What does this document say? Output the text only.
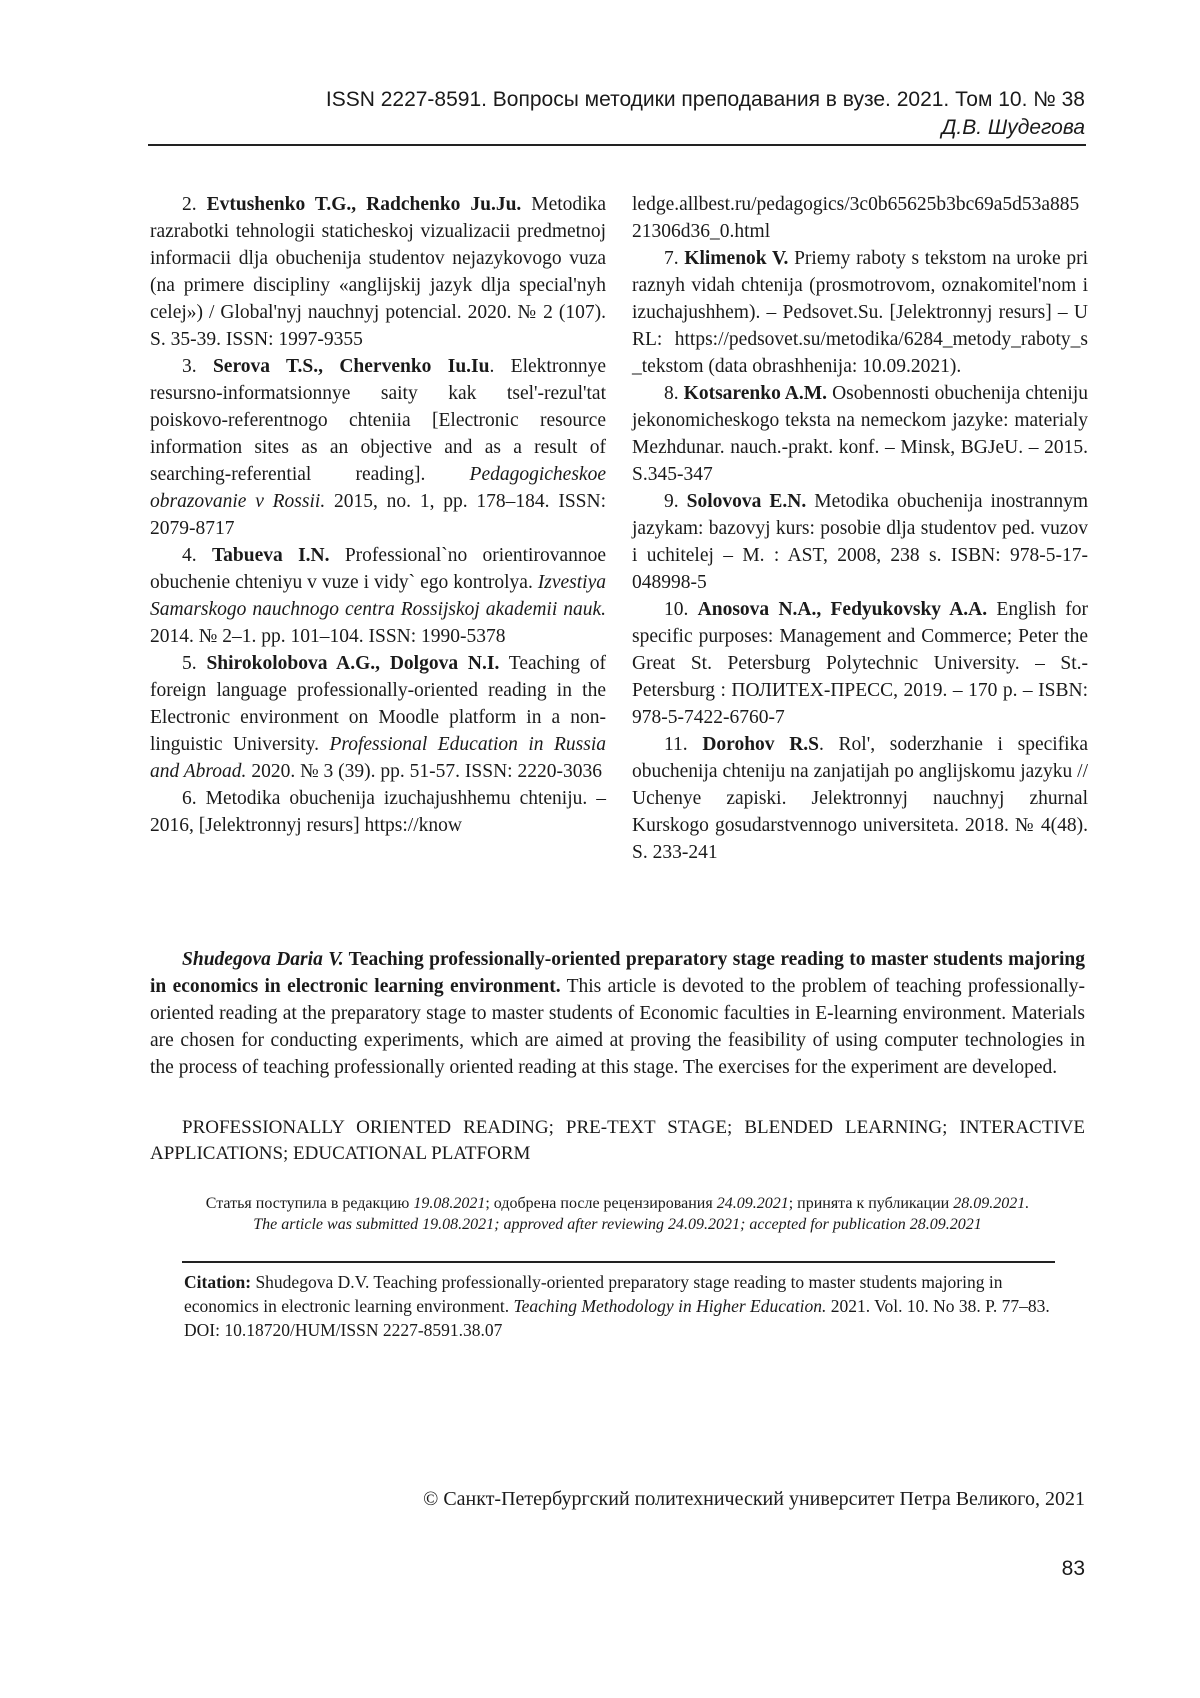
ISSN 2227-8591. Вопросы методики преподавания в вузе. 2021. Том 10. № 38
Д.В. Шудегова

2. Evtushenko T.G., Radchenko Ju.Ju. Metodika razrabotki tehnologii staticheskoj vizualizacii predmetnoj informacii dlja obuchenija studentov nejazykovogo vuza (na primere discipliny «anglijskij jazyk dlja special'nyh celej») / Global'nyj nauchnyj potencial. 2020. № 2 (107). S. 35-39. ISSN: 1997-9355

3. Serova T.S., Chervenko Iu.Iu. Elektronnye resursno-informatsionnye saity kak tsel'-rezul'tat poiskovo-referentnogo chteniia [Electronic resource information sites as an objective and as a result of searching-referential reading]. Pedagogicheskoe obrazovanie v Rossii. 2015, no. 1, pp. 178–184. ISSN: 2079-8717

4. Tabueva I.N. Professional`no orientirovannoe obuchenie chteniyu v vuze i vidy` ego kontrolya. Izvestiya Samarskogo nauchnogo centra Rossijskoj akademii nauk. 2014. № 2–1. pp. 101–104. ISSN: 1990-5378

5. Shirokolobova A.G., Dolgova N.I. Teaching of foreign language professionally-oriented reading in the Electronic environment on Moodle platform in a non- linguistic University. Professional Education in Russia and Abroad. 2020. № 3 (39). pp. 51-57. ISSN: 2220-3036

6. Metodika obuchenija izuchajushhemu chteniju. – 2016, [Jelektronnyj resurs] https://know

ledge.allbest.ru/pedagogics/3c0b65625b3bc69a5d53a88521306d36_0.html

7. Klimenok V. Priemy raboty s tekstom na uroke pri raznyh vidah chtenija (prosmotrovom, oznakomitel'nom i izuchajushhem). – Pedsovet.Su. [Jelektronnyj resurs] – URL: https://pedsovet.su/metodika/6284_metody_raboty_s_tekstom (data obrashhenija: 10.09.2021).

8. Kotsarenko A.M. Osobennosti obuchenija chteniju jekonomicheskogo teksta na nemeckom jazyke: materialy Mezhdunar. nauch.-prakt. konf. – Minsk, BGJeU. – 2015. S.345-347

9. Solovova E.N. Metodika obuchenija inostrannym jazykam: bazovyj kurs: posobie dlja studentov ped. vuzov i uchitelej – M. : AST, 2008, 238 s. ISBN: 978-5-17-048998-5

10. Anosova N.A., Fedyukovsky A.A. English for specific purposes: Management and Commerce; Peter the Great St. Petersburg Polytechnic University. – St.-Petersburg : ПОЛИТЕХ-ПРЕСС, 2019. – 170 p. – ISBN: 978-5-7422-6760-7

11. Dorohov R.S. Rol', soderzhanie i specifika obuchenija chteniju na zanjatijah po anglijskomu jazyku // Uchenye zapiski. Jelektronnyj nauchnyj zhurnal Kurskogo gosudarstvennogo universiteta. 2018. № 4(48). S. 233-241

Shudegova Daria V. Teaching professionally-oriented preparatory stage reading to master students majoring in economics in electronic learning environment. This article is devoted to the problem of teaching professionally-oriented reading at the preparatory stage to master students of Economic faculties in E-learning environment. Materials are chosen for conducting experiments, which are aimed at proving the feasibility of using computer technologies in the process of teaching professionally oriented reading at this stage. The exercises for the experiment are developed.

PROFESSIONALLY ORIENTED READING; PRE-TEXT STAGE; BLENDED LEARNING; INTERACTIVE APPLICATIONS; EDUCATIONAL PLATFORM

Статья поступила в редакцию 19.08.2021; одобрена после рецензирования 24.09.2021; принята к публикации 28.09.2021.
The article was submitted 19.08.2021; approved after reviewing 24.09.2021; accepted for publication 28.09.2021

Citation: Shudegova D.V. Teaching professionally-oriented preparatory stage reading to master students majoring in economics in electronic learning environment. Teaching Methodology in Higher Education. 2021. Vol. 10. No 38. P. 77–83. DOI: 10.18720/HUM/ISSN 2227-8591.38.07

© Санкт-Петербургский политехнический университет Петра Великого, 2021
83
